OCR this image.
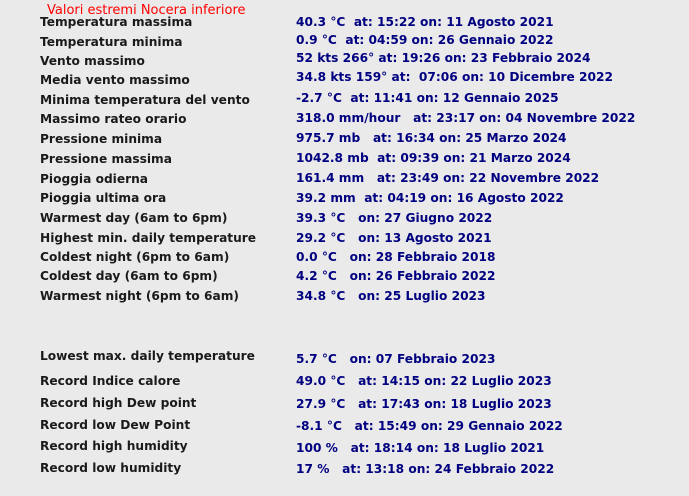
Valori estremi Nocera inferiore
Temperatura massima	40.3 °C  at: 15:22 on: 11 Agosto 2021
Temperatura minima	0.9 °C  at: 04:59 on: 26 Gennaio 2022
Vento massimo	52 kts 266° at: 19:26 on: 23 Febbraio 2024
Media vento massimo	34.8 kts 159° at:  07:06 on: 10 Dicembre 2022
Minima temperatura del vento	-2.7 °C  at: 11:41 on: 12 Gennaio 2025
Massimo rateo orario	318.0 mm/hour   at: 23:17 on: 04 Novembre 2022
Pressione minima	975.7 mb   at: 16:34 on: 25 Marzo 2024
Pressione massima	1042.8 mb  at: 09:39 on: 21 Marzo 2024
Pioggia odierna	161.4 mm   at: 23:49 on: 22 Novembre 2022
Pioggia ultima ora	39.2 mm  at: 04:19 on: 16 Agosto 2022
Warmest day (6am to 6pm)	39.3 °C   on: 27 Giugno 2022
Highest min. daily temperature	29.2 °C   on: 13 Agosto 2021
Coldest night (6pm to 6am)	0.0 °C   on: 28 Febbraio 2018
Coldest day (6am to 6pm)	4.2 °C   on: 26 Febbraio 2022
Warmest night (6pm to 6am)	34.8 °C   on: 25 Luglio 2023
Lowest max. daily temperature	5.7 °C   on: 07 Febbraio 2023
Record Indice calore	49.0 °C   at: 14:15 on: 22 Luglio 2023
Record high Dew point	27.9 °C   at: 17:43 on: 18 Luglio 2023
Record low Dew Point	-8.1 °C   at: 15:49 on: 29 Gennaio 2022
Record high humidity	100 %   at: 18:14 on: 18 Luglio 2021
Record low humidity	17 %   at: 13:18 on: 24 Febbraio 2022
